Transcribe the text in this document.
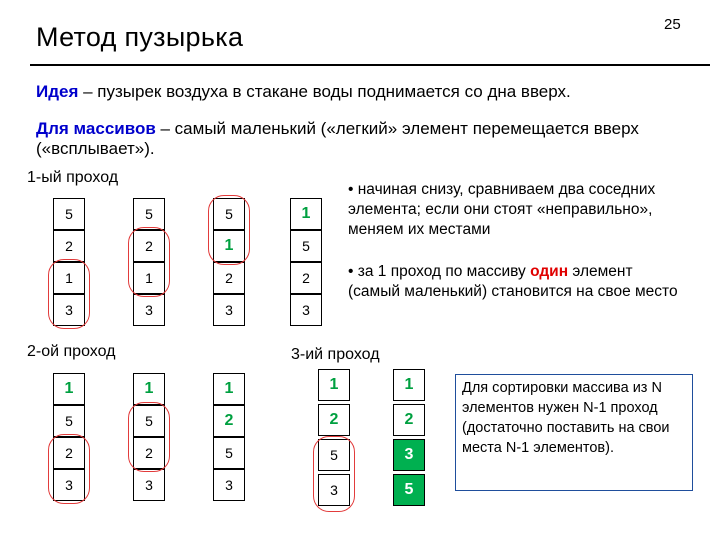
Метод пузырька	25
Идея – пузырек воздуха в стакане воды поднимается со дна вверх.
Для массивов – самый маленький («легкий» элемент перемещается вверх («всплывает»).
1-ый проход
5
2
1
3
5
2
1
3
5
1
2
3
1
5
2
3
2-ой проход
1
5
2
3
1
5
2
3
1
2
5
3
3-ий проход
1
2
5
3
1
2
3
5
• начиная снизу, сравниваем два соседних элемента; если они стоят «неправильно», меняем их местами
• за 1 проход по массиву один элемент (самый маленький) становится на свое место
Для сортировки массива из N элементов нужен N-1 проход (достаточно поставить на свои места N-1 элементов).
